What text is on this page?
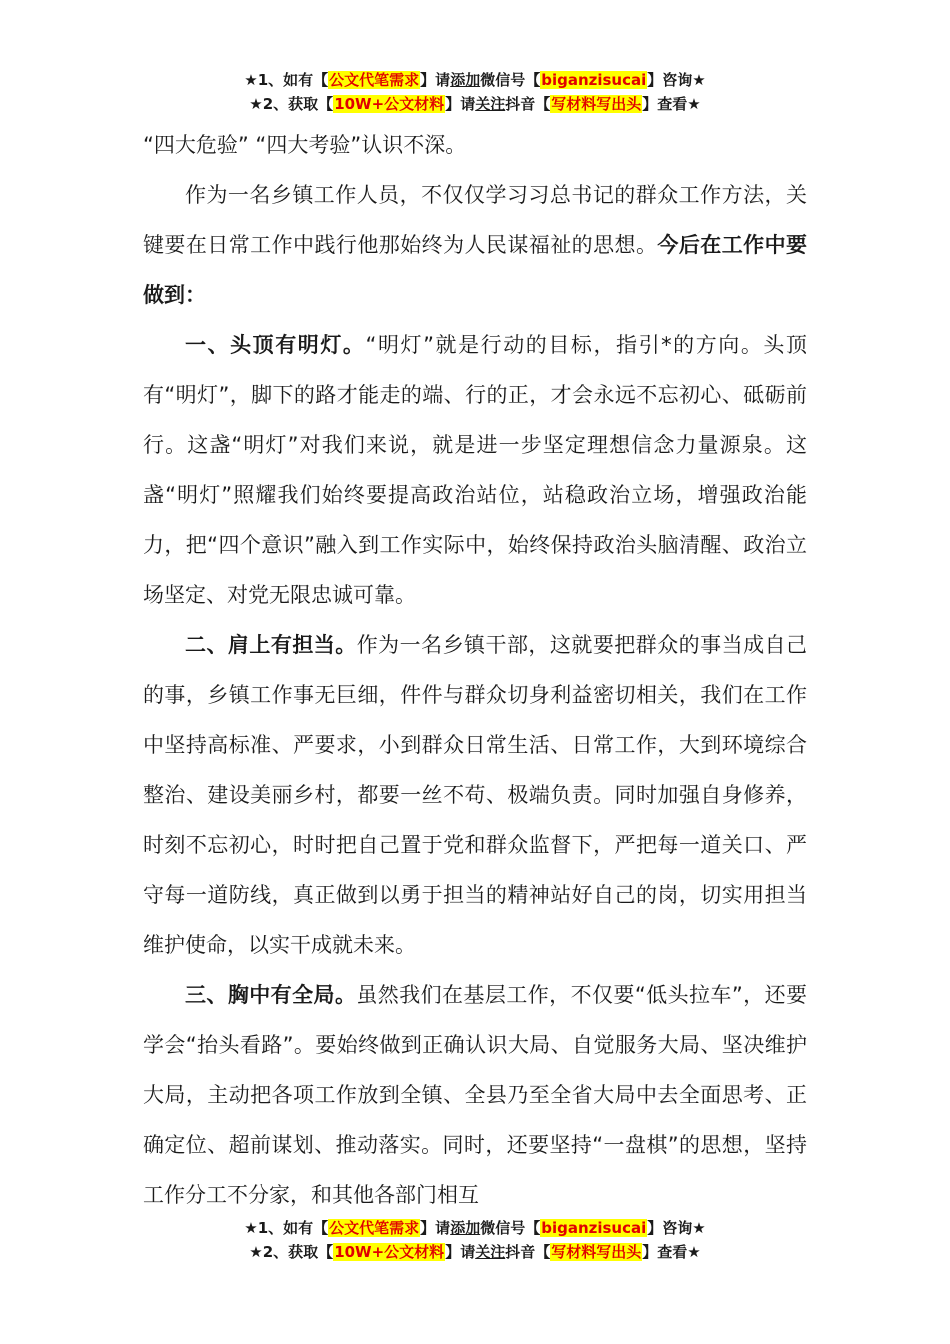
★1、如有【公文代笔需求】请添加微信号【biganzisucai】咨询★
★2、获取【10W+公文材料】请关注抖音【写材料写出头】查看★

“四大危验” “四大考验”认识不深。

作为一名乡镇工作人员，不仅仅学习习总书记的群众工作方法，关键要在日常工作中践行他那始终为人民谋福祉的思想。今后在工作中要做到：

一、头顶有明灯。“明灯”就是行动的目标，指引*的方向。头顶有“明灯”，脚下的路才能走的端、行的正，才会永远不忘初心、砥砺前行。这盏“明灯”对我们来说，就是进一步坚定理想信念力量源泉。这盏“明灯”照耀我们始终要提高政治站位，站稳政治立场，增强政治能力，把“四个意识”融入到工作实际中，始终保持政治头脑清醒、政治立场坚定、对党无限忠诚可靠。

二、肩上有担当。作为一名乡镇干部，这就要把群众的事当成自己的事，乡镇工作事无巨细，件件与群众切身利益密切相关，我们在工作中坚持高标准、严要求，小到群众日常生活、日常工作，大到环境综合整治、建设美丽乡村，都要一丝不苟、极端负责。同时加强自身修养，时刻不忘初心，时时把自己置于党和群众监督下，严把每一道关口、严守每一道防线，真正做到以勇于担当的精神站好自己的岗，切实用担当维护使命，以实干成就未来。

三、胸中有全局。虽然我们在基层工作，不仅要“低头拉车”，还要学会“抬头看路”。要始终做到正确认识大局、自觉服务大局、坚决维护大局，主动把各项工作放到全镇、全县乃至全省大局中去全面思考、正确定位、超前谋划、推动落实。同时，还要坚持“一盘棋”的思想，坚持工作分工不分家，和其他各部门相互

★1、如有【公文代笔需求】请添加微信号【biganzisucai】咨询★
★2、获取【10W+公文材料】请关注抖音【写材料写出头】查看★
